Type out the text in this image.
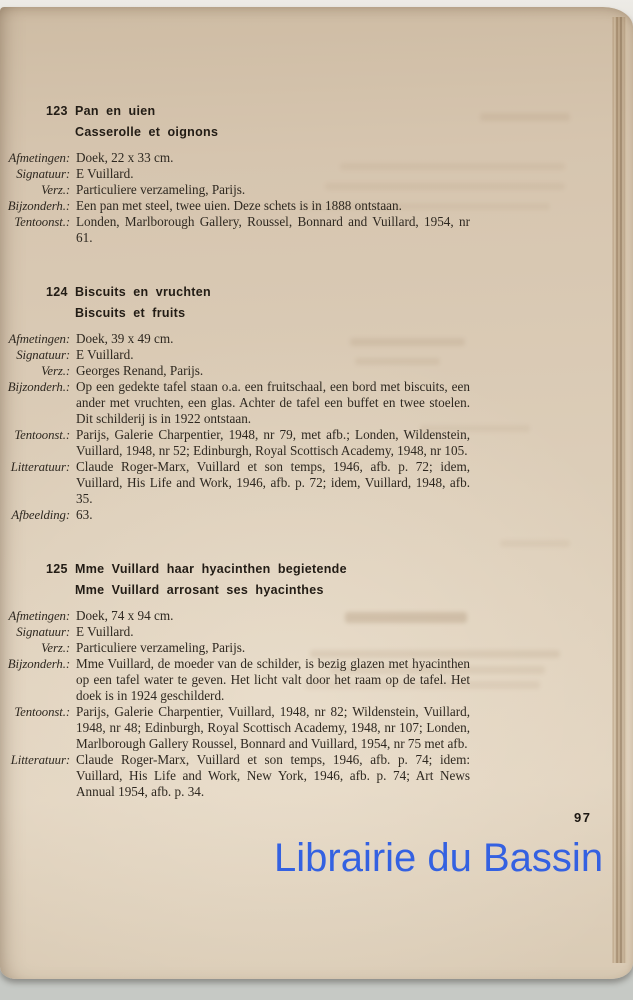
123 Pan en uien
Casserolle et oignons
Afmetingen: Doek, 22 x 33 cm.
Signatuur: E Vuillard.
Verz.: Particuliere verzameling, Parijs.
Bijzonderh.: Een pan met steel, twee uien. Deze schets is in 1888 ontstaan.
Tentoonst.: Londen, Marlborough Gallery, Roussel, Bonnard and Vuillard, 1954, nr 61.
124 Biscuits en vruchten
Biscuits et fruits
Afmetingen: Doek, 39 x 49 cm.
Signatuur: E Vuillard.
Verz.: Georges Renand, Parijs.
Bijzonderh.: Op een gedekte tafel staan o.a. een fruitschaal, een bord met biscuits, een ander met vruchten, een glas. Achter de tafel een buffet en twee stoelen. Dit schilderij is in 1922 ontstaan.
Tentoonst.: Parijs, Galerie Charpentier, 1948, nr 79, met afb.; Londen, Wildenstein, Vuillard, 1948, nr 52; Edinburgh, Royal Scottisch Academy, 1948, nr 105.
Litteratuur: Claude Roger-Marx, Vuillard et son temps, 1946, afb. p. 72; idem, Vuillard, His Life and Work, 1946, afb. p. 72; idem, Vuillard, 1948, afb. 35.
Afbeelding: 63.
125 Mme Vuillard haar hyacinthen begietende
Mme Vuillard arrosant ses hyacinthes
Afmetingen: Doek, 74 x 94 cm.
Signatuur: E Vuillard.
Verz.: Particuliere verzameling, Parijs.
Bijzonderh.: Mme Vuillard, de moeder van de schilder, is bezig glazen met hyacinthen op een tafel water te geven. Het licht valt door het raam op de tafel. Het doek is in 1924 geschilderd.
Tentoonst.: Parijs, Galerie Charpentier, Vuillard, 1948, nr 82; Wildenstein, Vuillard, 1948, nr 48; Edinburgh, Royal Scottisch Academy, 1948, nr 107; Londen, Marlborough Gallery Roussel, Bonnard and Vuillard, 1954, nr 75 met afb.
Litteratuur: Claude Roger-Marx, Vuillard et son temps, 1946, afb. p. 74; idem: Vuillard, His Life and Work, New York, 1946, afb. p. 74; Art News Annual 1954, afb. p. 34.
97
Librairie du Bassin
